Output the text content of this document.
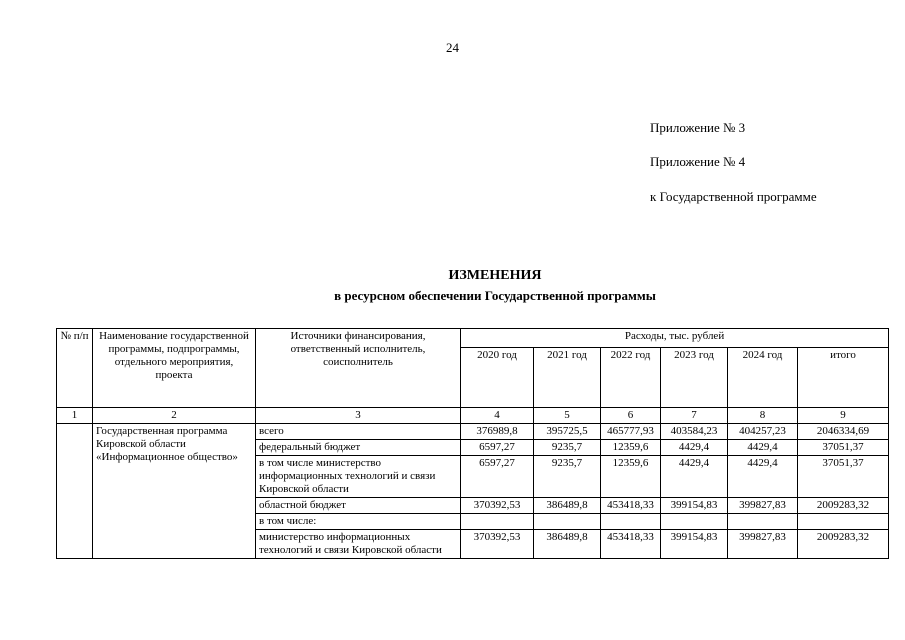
24
Приложение № 3
Приложение № 4
к Государственной программе
ИЗМЕНЕНИЯ
в ресурсном обеспечении Государственной программы
№ п/п	Наименование государственной программы, подпрограммы, отдельного мероприятия, проекта	Источники финансирования, ответственный исполнитель, соисполнитель	Расходы, тыс. рублей					
			2020 год	2021 год	2022 год	2023 год	2024 год	итого
1	2	3	4	5	6	7	8	9
	Государственная программа Кировской области «Информационное общество»	всего	376989,8	395725,5	465777,93	403584,23	404257,23	2046334,69
		федеральный бюджет	6597,27	9235,7	12359,6	4429,4	4429,4	37051,37
		в том числе министерство информационных технологий и связи Кировской области	6597,27	9235,7	12359,6	4429,4	4429,4	37051,37
		областной бюджет	370392,53	386489,8	453418,33	399154,83	399827,83	2009283,32
		в том числе:						
		министерство информационных технологий и связи Кировской области	370392,53	386489,8	453418,33	399154,83	399827,83	2009283,32
